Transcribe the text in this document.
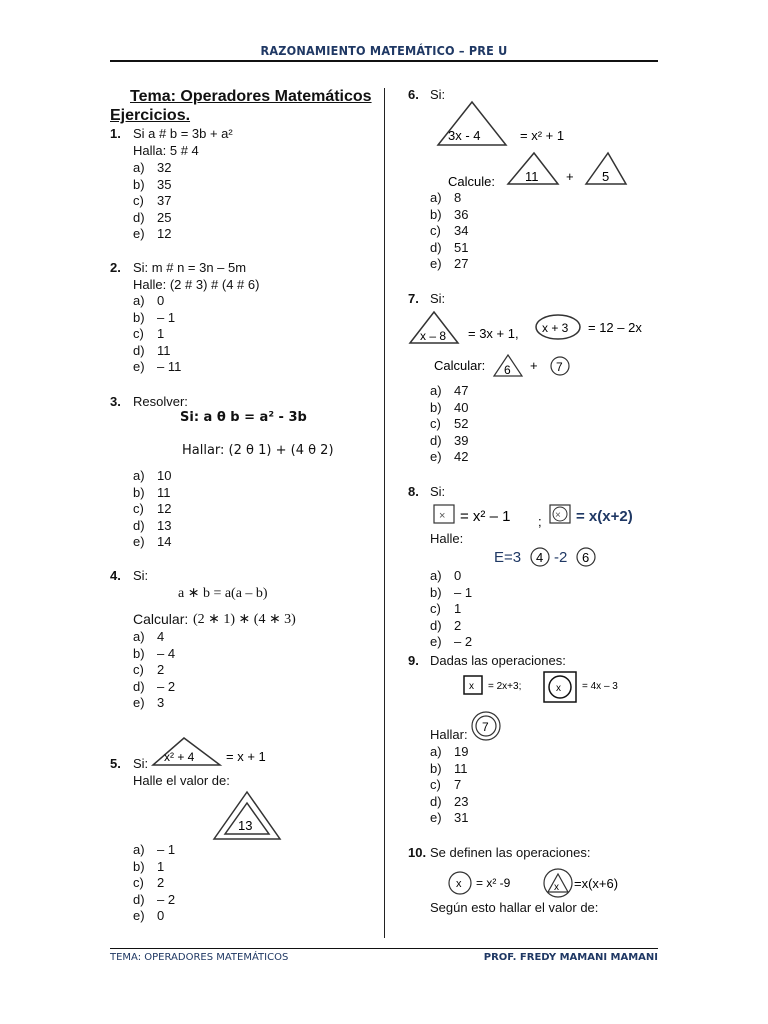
RAZONAMIENTO MATEMÁTICO – PRE U
TEMA: OPERADORES MATEMÁTICOS	PROF. FREDY MAMANI MAMANI
Tema: Operadores Matemáticos
Ejercicios.
1. Si a # b = 3b + a²
Halla: 5 # 4
a) 32
b) 35
c)	37
d) 25
e) 12
2. Si: m # n = 3n – 5m
Halle: (2 # 3) # (4 # 6)
a) 0
b) – 1
c)	1
d) 11
e) – 11
3. Resolver:
Si: a θ b = a² - 3b
Hallar: (2 θ 1) + (4 θ 2)
a) 10
b) 11
c)	12
d) 13
e) 14
4. Si:
a ∗ b = a(a – b)
Calcular: (2 ∗ 1) ∗ (4 ∗ 3)
a) 4
b) – 4
c)	2
d) – 2
e) 3
5. Si: x² + 4 = x + 1
Halle el valor de:
13
a) – 1
b) 1
c)	2
d) – 2
e) 0
6. Si:
3x - 4	= x² + 1
Calcule: 11 + 5
a) 8
b) 36
c)	34
d) 51
e) 27
7. Si:
x – 8 = 3x + 1, x + 3 = 12 – 2x
Calcular: 6 + 7
a) 47
b) 40
c)	52
d) 39
e) 42
8. Si:
× = x² – 1 ; × = x(x+2)
Halle:
E=3 4 -2 6
a) 0
b) – 1
c)	1
d) 2
e) – 2
9. Dadas las operaciones:
x = 2x+3;	x = 4x – 3
Hallar: 7
a) 19
b) 11
c)	7
d) 23
e) 31
10. Se definen las operaciones:
x = x² -9	x =x(x+6)
Según esto hallar el valor de:
